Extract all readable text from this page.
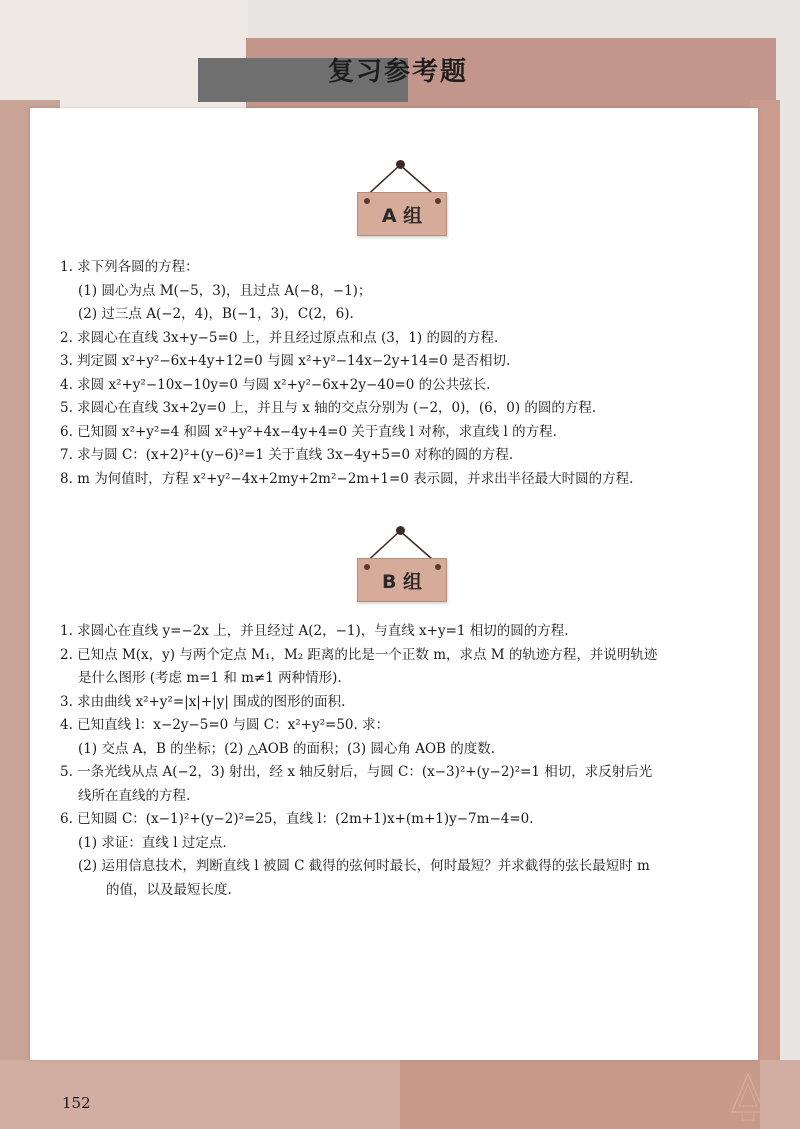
复习参考题
A 组

1. 求下列各圆的方程：

(1) 圆心为点 M(−5，3)，且过点 A(−8，−1)；

(2) 过三点 A(−2，4)，B(−1，3)，C(2，6).

2. 求圆心在直线 3x+y−5=0 上，并且经过原点和点 (3，1) 的圆的方程.

3. 判定圆 x²+y²−6x+4y+12=0 与圆 x²+y²−14x−2y+14=0 是否相切.

4. 求圆 x²+y²−10x−10y=0 与圆 x²+y²−6x+2y−40=0 的公共弦长.

5. 求圆心在直线 3x+2y=0 上，并且与 x 轴的交点分别为 (−2，0)，(6，0) 的圆的方程.

6. 已知圆 x²+y²=4 和圆 x²+y²+4x−4y+4=0 关于直线 l 对称，求直线 l 的方程.

7. 求与圆 C：(x+2)²+(y−6)²=1 关于直线 3x−4y+5=0 对称的圆的方程.

8. m 为何值时，方程 x²+y²−4x+2my+2m²−2m+1=0 表示圆，并求出半径最大时圆的方程.

B 组

1. 求圆心在直线 y=−2x 上，并且经过 A(2，−1)，与直线 x+y=1 相切的圆的方程.

2. 已知点 M(x，y) 与两个定点 M₁，M₂ 距离的比是一个正数 m，求点 M 的轨迹方程，并说明轨迹

是什么图形 (考虑 m=1 和 m≠1 两种情形).

3. 求由曲线 x²+y²=|x|+|y| 围成的图形的面积.

4. 已知直线 l：x−2y−5=0 与圆 C：x²+y²=50. 求：

(1) 交点 A，B 的坐标；(2) △AOB 的面积；(3) 圆心角 AOB 的度数.

5. 一条光线从点 A(−2，3) 射出，经 x 轴反射后，与圆 C：(x−3)²+(y−2)²=1 相切，求反射后光

线所在直线的方程.

6. 已知圆 C：(x−1)²+(y−2)²=25，直线 l：(2m+1)x+(m+1)y−7m−4=0.

(1) 求证：直线 l 过定点.

(2) 运用信息技术，判断直线 l 被圆 C 截得的弦何时最长，何时最短？并求截得的弦长最短时 m

的值，以及最短长度.

152
